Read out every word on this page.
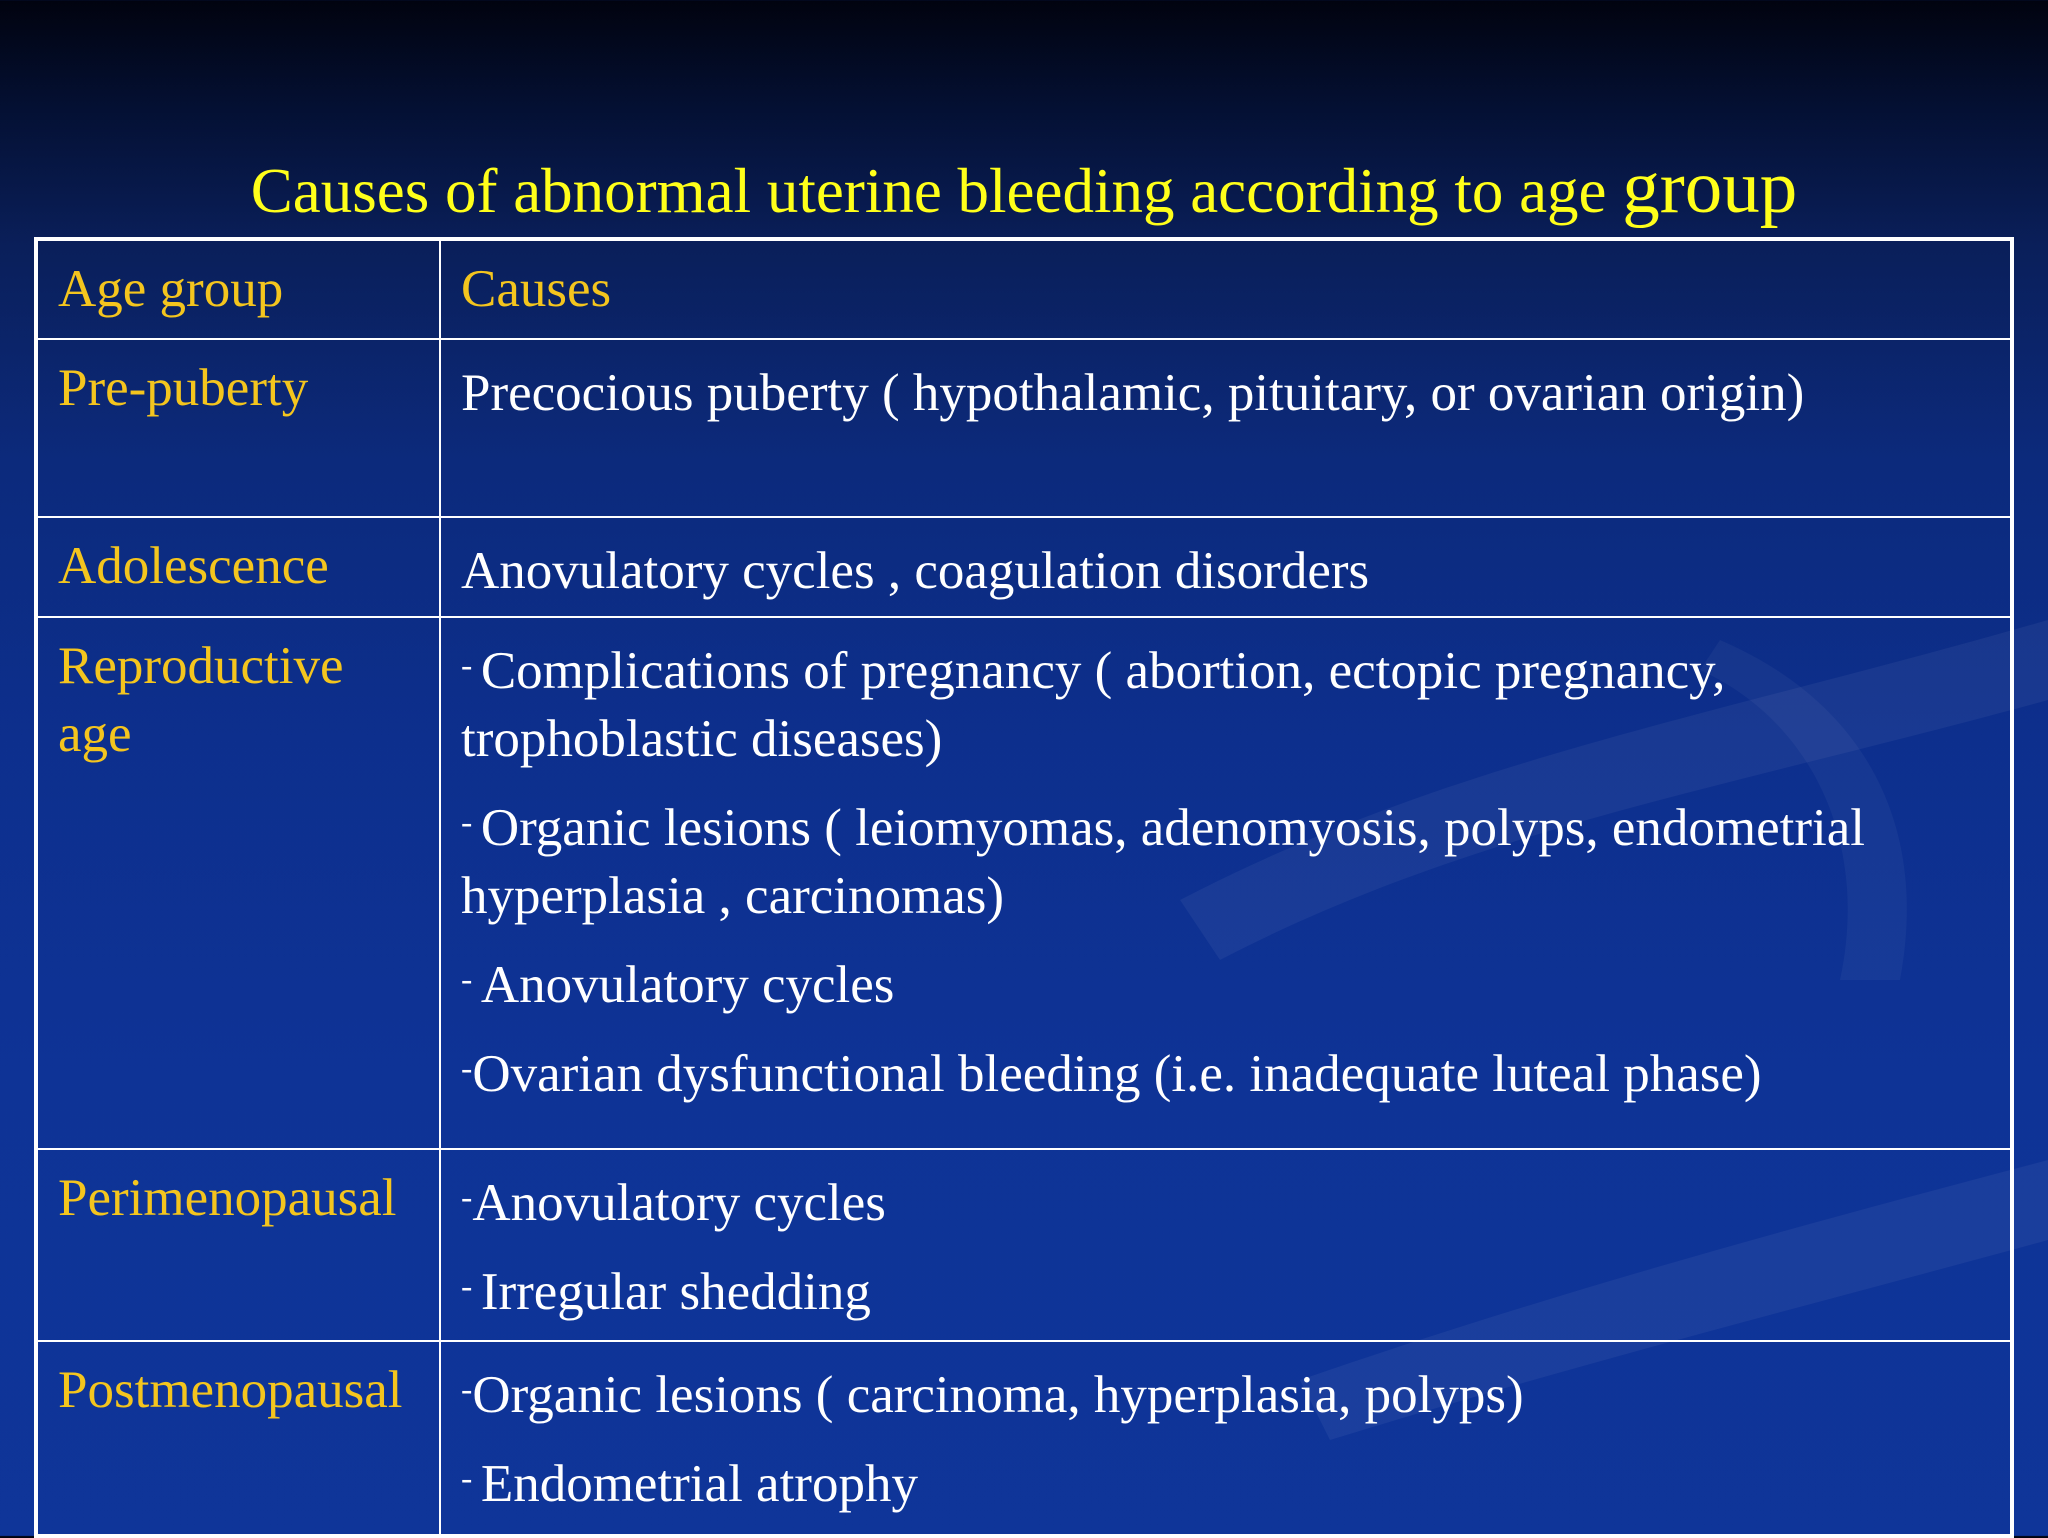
Causes of abnormal uterine bleeding according to age group
Age group	Causes
Pre-puberty	Precocious puberty ( hypothalamic, pituitary, or ovarian origin)

Adolescence	Anovulatory cycles , coagulation disorders

Reproductive age	- Complications of pregnancy ( abortion, ectopic pregnancy, trophoblastic diseases)
- Organic lesions ( leiomyomas, adenomyosis, polyps, endometrial hyperplasia , carcinomas)
- Anovulatory cycles
-Ovarian dysfunctional bleeding (i.e. inadequate luteal phase)

Perimenopausal	-Anovulatory cycles
- Irregular shedding

Postmenopausal	-Organic lesions ( carcinoma, hyperplasia, polyps)
- Endometrial atrophy
